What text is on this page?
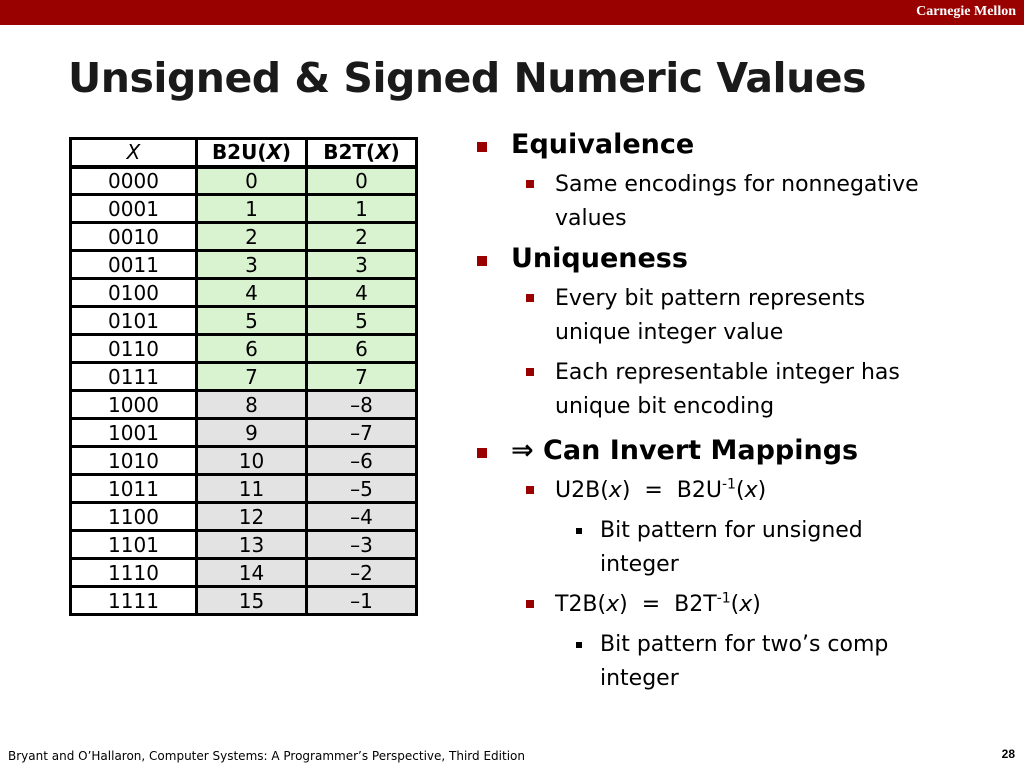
Carnegie Mellon
Unsigned & Signed Numeric Values
X	B2U(X)	B2T(X)
0000	0	0
0001	1	1
0010	2	2
0011	3	3
0100	4	4
0101	5	5
0110	6	6
0111	7	7
1000	8	–8
1001	9	–7
1010	10	–6
1011	11	–5
1100	12	–4
1101	13	–3
1110	14	–2
1111	15	–1
Equivalence
Same encodings for nonnegative
values
Uniqueness
Every bit pattern represents
unique integer value
Each representable integer has
unique bit encoding
⇒ Can Invert Mappings
$U2B(x) = B2U^{-1}(x)$
Bit pattern for unsigned
integer
$T2B(x) = B2T^{-1}(x)$
Bit pattern for two’s comp
integer
Bryant and O’Hallaron, Computer Systems: A Programmer’s Perspective, Third Edition	28
